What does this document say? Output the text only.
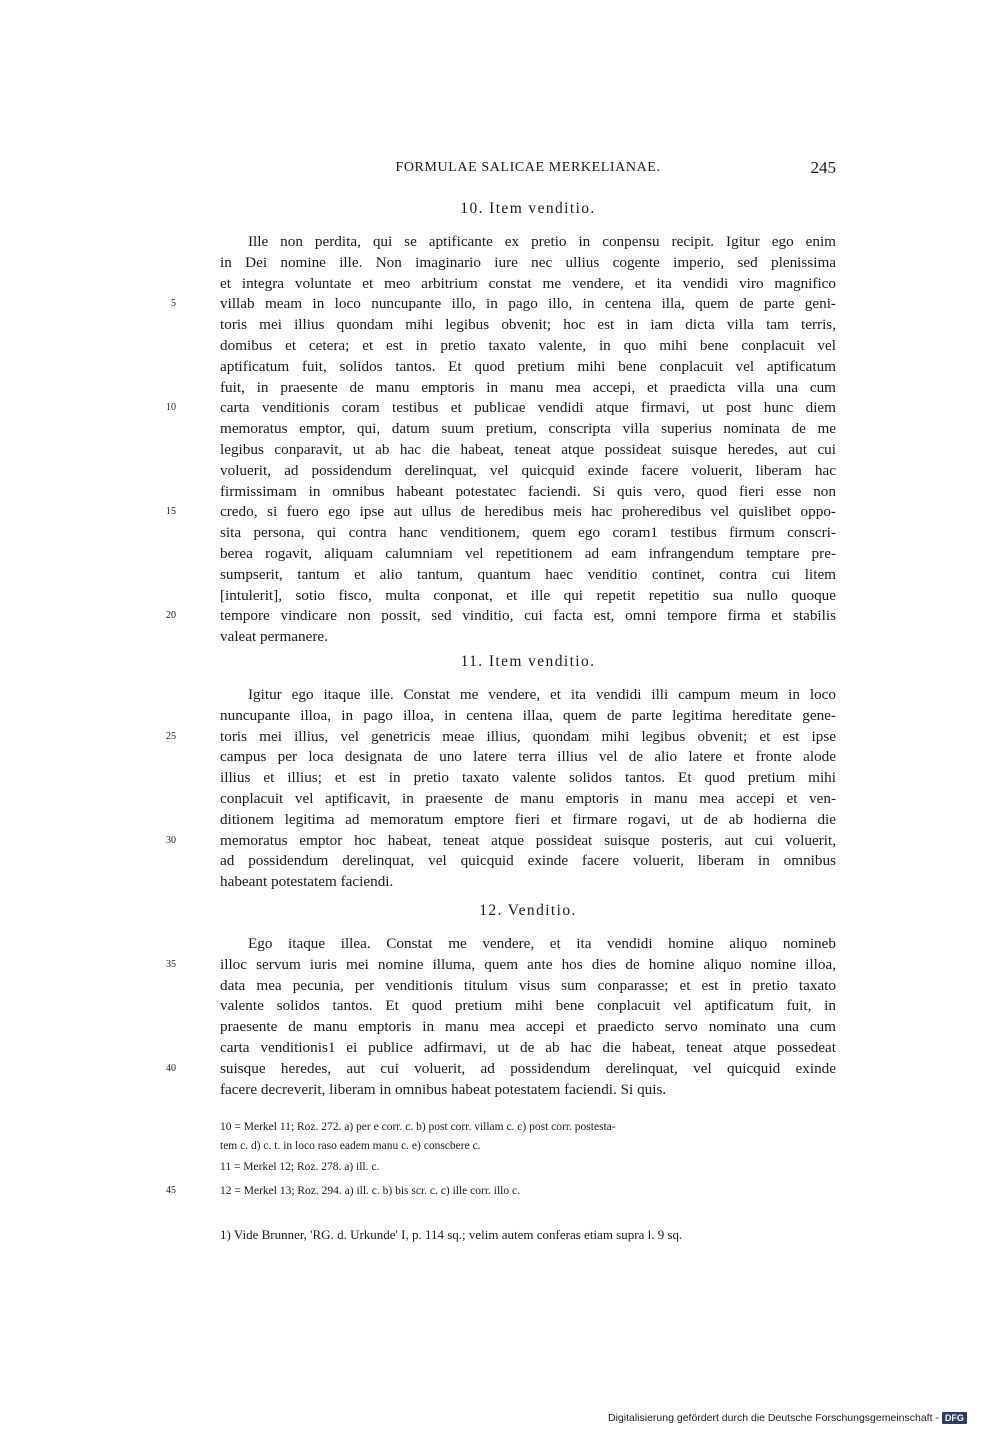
FORMULAE SALICAE MERKELIANAE.	245
10. Item venditio.
Ille non perdita, qui se aptificante ex pretio in conpensu recipit. Igitur ego enim
in Dei nomine ille. Non imaginario iure nec ullius cogente imperio, sed plenissima
et integra voluntate et meo arbitrium constat me vendere, et ita vendidi viro magnifico
villab meam in loco nuncupante illo, in pago illo, in centena illa, quem de parte geni-
5
toris mei illius quondam mihi legibus obvenit; hoc est in iam dicta villa tam terris,
domibus et cetera; et est in pretio taxato valente, in quo mihi bene conplacuit vel
aptificatum fuit, solidos tantos. Et quod pretium mihi bene conplacuit vel aptificatum
fuit, in praesente de manu emptoris in manu mea accepi, et praedicta villa una cum
carta venditionis coram testibus et publicae vendidi atque firmavi, ut post hunc diem
10
memoratus emptor, qui, datum suum pretium, conscripta villa superius nominata de me
legibus conparavit, ut ab hac die habeat, teneat atque possideat suisque heredes, aut cui
voluerit, ad possidendum derelinquat, vel quicquid exinde facere voluerit, liberam hac
firmissimam in omnibus habeant potestatec faciendi. Si quis vero, quod fieri esse non
credo, si fuero ego ipse aut ullus de heredibus meis hac proheredibus vel quislibet oppo-
15
sita persona, qui contra hanc venditionem, quem ego coram1 testibus firmum conscri-
berea rogavit, aliquam calumniam vel repetitionem ad eam infrangendum temptare pre-
sumpserit, tantum et alio tantum, quantum haec venditio continet, contra cui litem
[intulerit], sotio fisco, multa conponat, et ille qui repetit repetitio sua nullo quoque
tempore vindicare non possit, sed vinditio, cui facta est, omni tempore firma et stabilis
20
valeat permanere.
11. Item venditio.
Igitur ego itaque ille. Constat me vendere, et ita vendidi illi campum meum in loco
nuncupante illoa, in pago illoa, in centena illaa, quem de parte legitima hereditate gene-
toris mei illius, vel genetricis meae illius, quondam mihi legibus obvenit; et est ipse
25
campus per loca designata de uno latere terra illius vel de alio latere et fronte alode
illius et illius; et est in pretio taxato valente solidos tantos. Et quod pretium mihi
conplacuit vel aptificavit, in praesente de manu emptoris in manu mea accepi et ven-
ditionem legitima ad memoratum emptore fieri et firmare rogavi, ut de ab hodierna die
memoratus emptor hoc habeat, teneat atque possideat suisque posteris, aut cui voluerit,
30
ad possidendum derelinquat, vel quicquid exinde facere voluerit, liberam in omnibus
habeant potestatem faciendi.
12. Venditio.
Ego itaque illea. Constat me vendere, et ita vendidi homine aliquo nomineb
illoc servum iuris mei nomine illuma, quem ante hos dies de homine aliquo nomine illoa,
35
data mea pecunia, per venditionis titulum visus sum conparasse; et est in pretio taxato
valente solidos tantos. Et quod pretium mihi bene conplacuit vel aptificatum fuit, in
praesente de manu emptoris in manu mea accepi et praedicto servo nominato una cum
carta venditionis1 ei publice adfirmavi, ut de ab hac die habeat, teneat atque possedeat
suisque heredes, aut cui voluerit, ad possidendum derelinquat, vel quicquid exinde
40
facere decreverit, liberam in omnibus habeat potestatem faciendi. Si quis.
10 = Merkel 11; Roz. 272. a) per e corr. c. b) post corr. villam c. c) post corr. postesta-
tem c. d) c. t. in loco raso eadem manu c. e) conscbere c.
11 = Merkel 12; Roz. 278. a) ill. c.
12 = Merkel 13; Roz. 294. a) ill. c. b) bis scr. c. c) ille corr. illo c.
45
1) Vide Brunner, 'RG. d. Urkunde' I, p. 114 sq.; velim autem conferas etiam supra l. 9 sq.
Digitalisierung gefördert durch die Deutsche Forschungsgemeinschaft - DFG
